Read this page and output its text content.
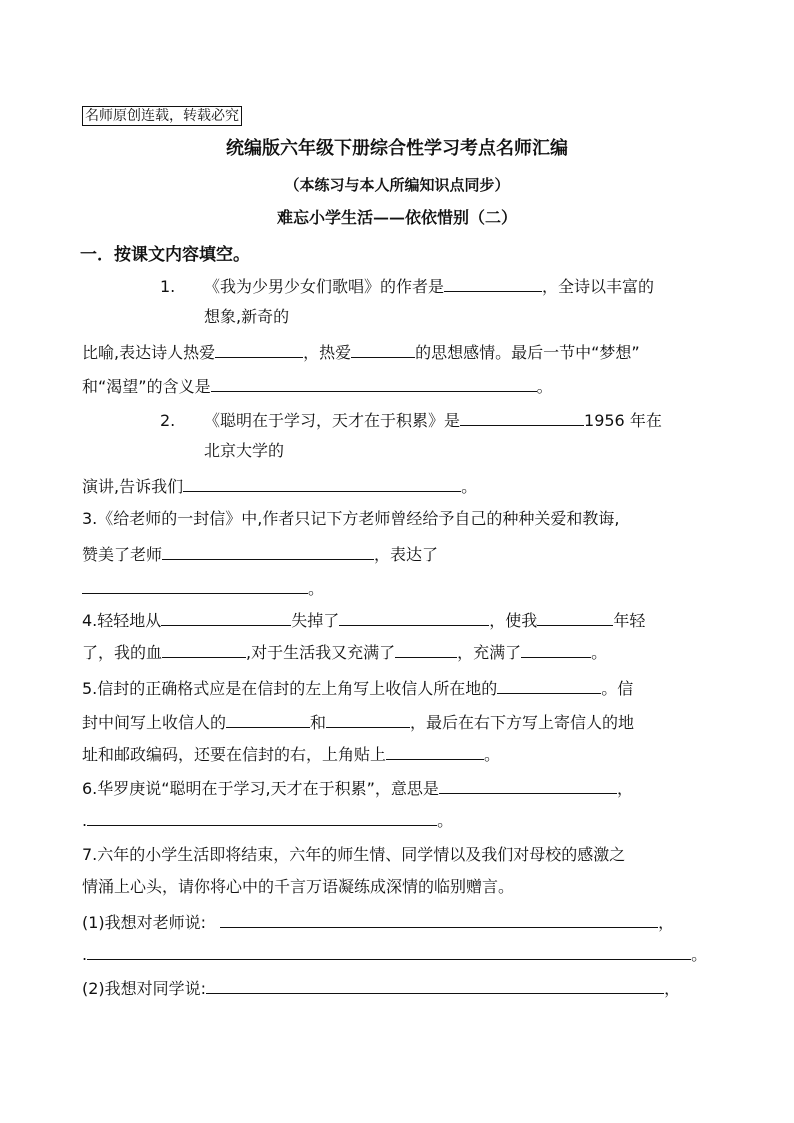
名师原创连载，转载必究
统编版六年级下册综合性学习考点名师汇编
（本练习与本人所编知识点同步）
难忘小学生活——依依惜别（二）
一．按课文内容填空。
1. 《我为少男少女们歌唱》的作者是	，全诗以丰富的
想象,新奇的
比喻,表达诗人热爱	，热爱	的思想感情。最后一节中“梦想”
和“渴望”的含义是	。
2. 《聪明在于学习，天才在于积累》是	1956 年在
北京大学的
演讲,告诉我们	。
3.《给老师的一封信》中,作者只记下方老师曾经给予自己的种种关爱和教诲,
赞美了老师	，表达了
。
4.轻轻地从	失掉了	，使我	年轻
了，我的血	,对于生活我又充满了	，充满了	。
5.信封的正确格式应是在信封的左上角写上收信人所在地的	。信
封中间写上收信人的	和	，最后在右下方写上寄信人的地
址和邮政编码，还要在信封的右，上角贴上	。
6.华罗庚说“聪明在于学习,天才在于积累”，意思是	，
.	。
7.六年的小学生活即将结束，六年的师生情、同学情以及我们对母校的感激之
情涌上心头，请你将心中的千言万语凝练成深情的临别赠言。
(1)我想对老师说:	，
.	。
(2)我想对同学说:	，
